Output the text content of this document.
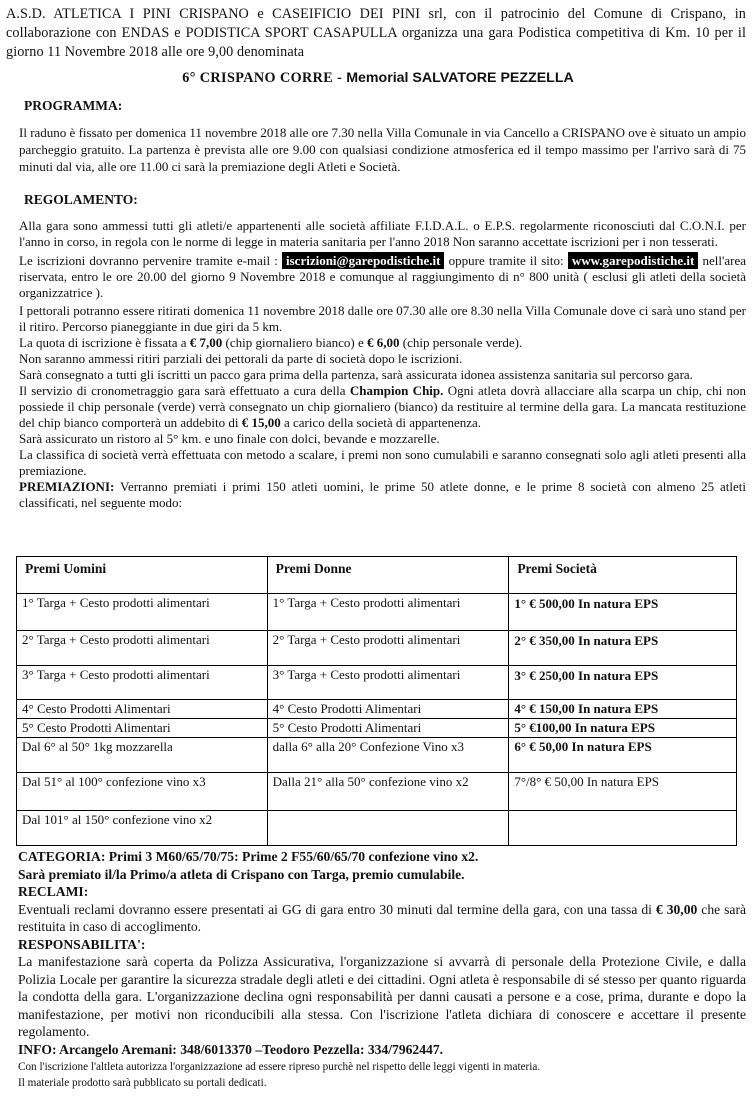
A.S.D. ATLETICA I PINI CRISPANO e CASEIFICIO DEI PINI srl, con il patrocinio del Comune di Crispano, in collaborazione con ENDAS e PODISTICA SPORT CASAPULLA organizza una gara Podistica competitiva di Km. 10 per il giorno 11 Novembre 2018 alle ore 9,00 denominata
6° CRISPANO CORRE - Memorial SALVATORE PEZZELLA
PROGRAMMA:
Il raduno è fissato per domenica 11 novembre 2018 alle ore 7.30 nella Villa Comunale in via Cancello a CRISPANO ove è situato un ampio parcheggio gratuito. La partenza è prevista alle ore 9.00 con qualsiasi condizione atmosferica ed il tempo massimo per l'arrivo sarà di 75 minuti dal via, alle ore 11.00 ci sarà la premiazione degli Atleti e Società.
REGOLAMENTO:

Alla gara sono ammessi tutti gli atleti/e appartenenti alle società affiliate F.I.D.A.L. o E.P.S. regolarmente riconosciuti dal C.O.N.I. per l'anno in corso, in regola con le norme di legge in materia sanitaria per l'anno 2018 Non saranno accettate iscrizioni per i non tesserati.

Le iscrizioni dovranno pervenire tramite e-mail : iscrizioni@garepodistiche.it oppure tramite il sito: www.garepodistiche.it nell'area riservata, entro le ore 20.00 del giorno 9 Novembre 2018 e comunque al raggiungimento di n° 800 unità ( esclusi gli atleti della società organizzatrice ).

I pettorali potranno essere ritirati domenica 11 novembre 2018 dalle ore 07.30 alle ore 8.30 nella Villa Comunale dove ci sarà uno stand per il ritiro. Percorso pianeggiante in due giri da 5 km.

La quota di iscrizione è fissata a € 7,00 (chip giornaliero bianco) e € 6,00 (chip personale verde).

Non saranno ammessi ritiri parziali dei pettorali da parte di società dopo le iscrizioni.

Sarà consegnato a tutti gli iscritti un pacco gara prima della partenza, sarà assicurata idonea assistenza sanitaria sul percorso gara.

Il servizio di cronometraggio gara sarà effettuato a cura della Champion Chip. Ogni atleta dovrà allacciare alla scarpa un chip, chi non possiede il chip personale (verde) verrà consegnato un chip giornaliero (bianco) da restituire al termine della gara. La mancata restituzione del chip bianco comporterà un addebito di € 15,00 a carico della società di appartenenza.

Sarà assicurato un ristoro al 5° km. e uno finale con dolci, bevande e mozzarelle.

La classifica di società verrà effettuata con metodo a scalare, i premi non sono cumulabili e saranno consegnati solo agli atleti presenti alla premiazione.

PREMIAZIONI: Verranno premiati i primi 150 atleti uomini, le prime 50 atlete donne, e le prime 8 società con almeno 25 atleti classificati, nel seguente modo:

Premi Uomini	Premi Donne	Premi Società
1° Targa + Cesto prodotti alimentari	1° Targa + Cesto prodotti alimentari	1° € 500,00 In natura EPS
2° Targa + Cesto prodotti alimentari	2° Targa + Cesto prodotti alimentari	2° € 350,00 In natura EPS
3° Targa + Cesto prodotti alimentari	3° Targa + Cesto prodotti alimentari	3° € 250,00 In natura EPS
4° Cesto Prodotti Alimentari	4° Cesto Prodotti Alimentari	4° € 150,00 In natura EPS
5° Cesto Prodotti Alimentari	5° Cesto Prodotti Alimentari	5° €100,00 In natura EPS
Dal 6° al 50° 1kg mozzarella	dalla 6° alla 20° Confezione Vino x3	6° € 50,00 In natura EPS
Dal 51° al 100° confezione vino x3	Dalla 21° alla 50° confezione vino x2	7°/8° € 50,00 In natura EPS
Dal 101° al 150° confezione vino x2		

CATEGORIA: Primi 3 M60/65/70/75: Prime 2 F55/60/65/70 confezione vino x2.

Sarà premiato il/la Primo/a atleta di Crispano con Targa, premio cumulabile.

RECLAMI:

Eventuali reclami dovranno essere presentati ai GG di gara entro 30 minuti dal termine della gara, con una tassa di € 30,00 che sarà restituita in caso di accoglimento.

RESPONSABILITA':

La manifestazione sarà coperta da Polizza Assicurativa, l'organizzazione si avvarrà di personale della Protezione Civile, e dalla Polizia Locale per garantire la sicurezza stradale degli atleti e dei cittadini. Ogni atleta è responsabile di sé stesso per quanto riguarda la condotta della gara. L'organizzazione declina ogni responsabilità per danni causati a persone e a cose, prima, durante e dopo la manifestazione, per motivi non riconducibili alla stessa. Con l'iscrizione l'atleta dichiara di conoscere e accettare il presente regolamento.

INFO: Arcangelo Aremani: 348/6013370 –Teodoro Pezzella: 334/7962447.

Con l'iscrizione l'altleta autorizza l'organizzazione ad essere ripreso purchè nel rispetto delle leggi vigenti in materia.

Il materiale prodotto sarà pubblicato su portali dedicati.
